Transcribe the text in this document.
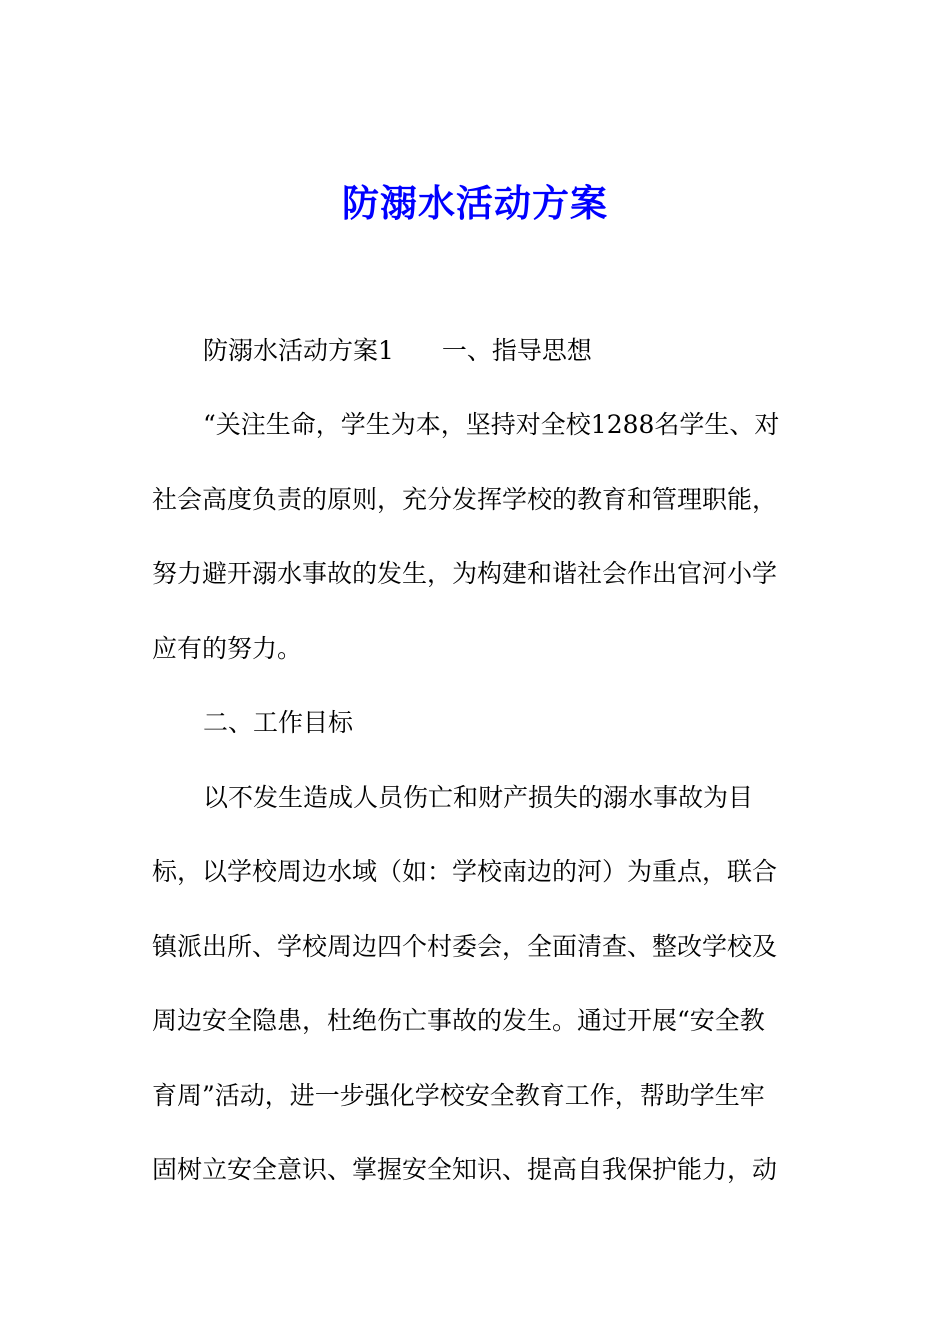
防溺水活动方案
防溺水活动方案1 一、指导思想
“关注生命，学生为本，坚持对全校1288名学生、对
社会高度负责的原则，充分发挥学校的教育和管理职能，
努力避开溺水事故的发生，为构建和谐社会作出官河小学
应有的努力。
二、工作目标
以不发生造成人员伤亡和财产损失的溺水事故为目
标，以学校周边水域（如：学校南边的河）为重点，联合
镇派出所、学校周边四个村委会，全面清查、整改学校及
周边安全隐患，杜绝伤亡事故的发生。通过开展“安全教
育周”活动，进一步强化学校安全教育工作，帮助学生牢
固树立安全意识、掌握安全知识、提高自我保护能力，动
